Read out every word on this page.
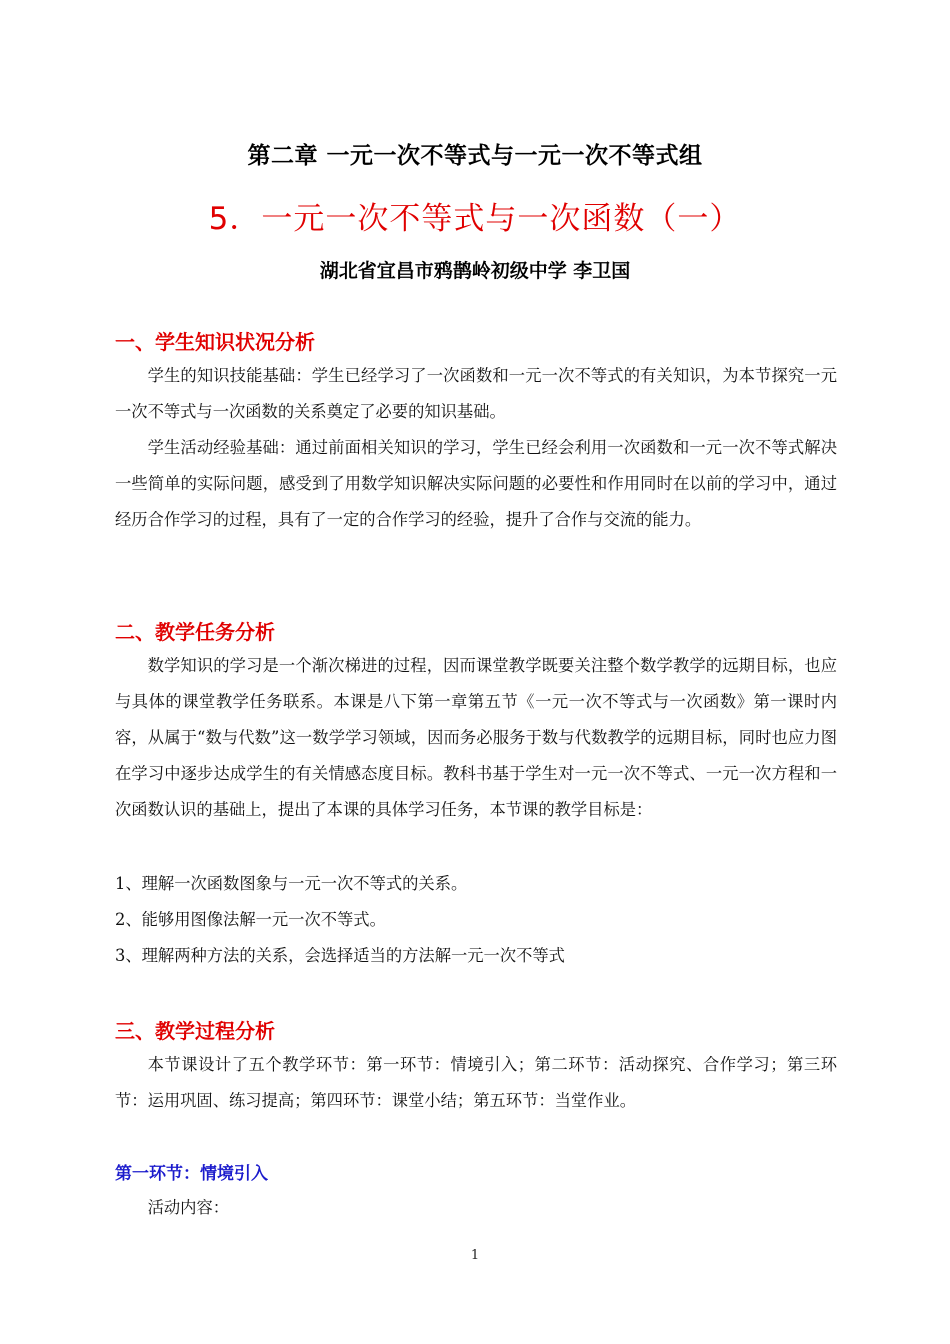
第二章 一元一次不等式与一元一次不等式组
5．一元一次不等式与一次函数（一）
湖北省宜昌市鸦鹊岭初级中学 李卫国
一、学生知识状况分析

学生的知识技能基础：学生已经学习了一次函数和一元一次不等式的有关知识，为本节探究一元一次不等式与一次函数的关系奠定了必要的知识基础。

学生活动经验基础：通过前面相关知识的学习，学生已经会利用一次函数和一元一次不等式解决一些简单的实际问题，感受到了用数学知识解决实际问题的必要性和作用同时在以前的学习中，通过经历合作学习的过程，具有了一定的合作学习的经验，提升了合作与交流的能力。

二、教学任务分析

数学知识的学习是一个渐次梯进的过程，因而课堂教学既要关注整个数学教学的远期目标，也应与具体的课堂教学任务联系。本课是八下第一章第五节《一元一次不等式与一次函数》第一课时内容，从属于“数与代数”这一数学学习领域，因而务必服务于数与代数教学的远期目标，同时也应力图在学习中逐步达成学生的有关情感态度目标。教科书基于学生对一元一次不等式、一元一次方程和一次函数认识的基础上，提出了本课的具体学习任务，本节课的教学目标是：

1、理解一次函数图象与一元一次不等式的关系。

2、能够用图像法解一元一次不等式。

3、理解两种方法的关系，会选择适当的方法解一元一次不等式

三、教学过程分析

本节课设计了五个教学环节：第一环节：情境引入；第二环节：活动探究、合作学习；第三环节：运用巩固、练习提高；第四环节：课堂小结；第五环节：当堂作业。

第一环节：情境引入

活动内容：

1
